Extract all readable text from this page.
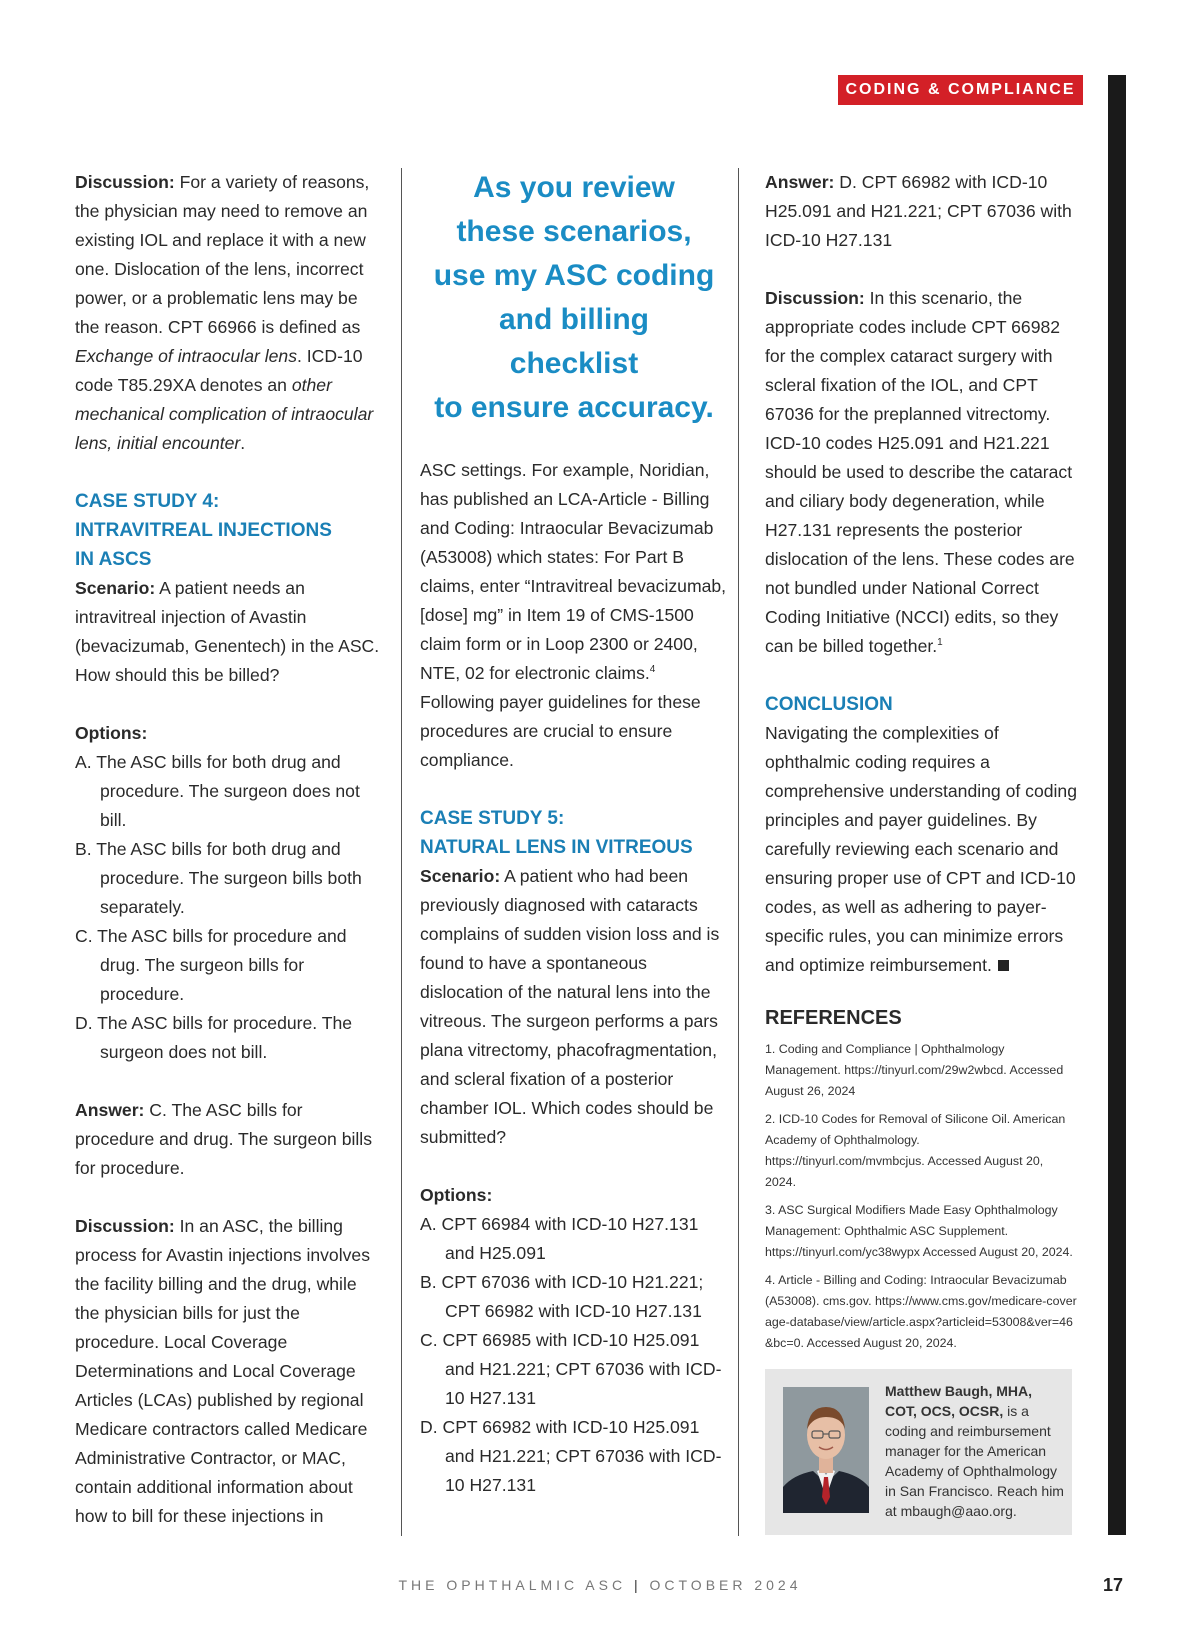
CODING & COMPLIANCE

Discussion: For a variety of reasons, the physician may need to remove an existing IOL and replace it with a new one. Dislocation of the lens, incorrect power, or a problematic lens may be the reason. CPT 66966 is defined as Exchange of intraocular lens. ICD-10 code T85.29XA denotes an other mechanical complication of intraocular lens, initial encounter.

CASE STUDY 4:
INTRAVITREAL INJECTIONS
IN ASCS

Scenario: A patient needs an intravitreal injection of Avastin (bevacizumab, Genentech) in the ASC. How should this be billed?

Options:

A. The ASC bills for both drug and procedure. The surgeon does not bill.

B. The ASC bills for both drug and procedure. The surgeon bills both separately.

C. The ASC bills for procedure and drug. The surgeon bills for procedure.

D. The ASC bills for procedure. The surgeon does not bill.

Answer: C. The ASC bills for procedure and drug. The surgeon bills for procedure.

Discussion: In an ASC, the billing process for Avastin injections involves the facility billing and the drug, while the physician bills for just the procedure. Local Coverage Determinations and Local Coverage Articles (LCAs) published by regional Medicare contractors called Medicare Administrative Contractor, or MAC, contain additional information about how to bill for these injections in

As you review
these scenarios,
use my ASC coding
and billing
checklist
to ensure accuracy.

ASC settings. For example, Noridian, has published an LCA-Article - Billing and Coding: Intraocular Bevacizumab (A53008) which states: For Part B claims, enter “Intravitreal bevacizumab, [dose] mg” in Item 19 of CMS-1500 claim form or in Loop 2300 or 2400, NTE, 02 for electronic claims.$^4$ Following payer guidelines for these procedures are crucial to ensure compliance.

CASE STUDY 5:
NATURAL LENS IN VITREOUS

Scenario: A patient who had been previously diagnosed with cataracts complains of sudden vision loss and is found to have a spontaneous dislocation of the natural lens into the vitreous. The surgeon performs a pars plana vitrectomy, phacofragmentation, and scleral fixation of a posterior chamber IOL. Which codes should be submitted?

Options:

A. CPT 66984 with ICD-10 H27.131 and H25.091

B. CPT 67036 with ICD-10 H21.221; CPT 66982 with ICD-10 H27.131

C. CPT 66985 with ICD-10 H25.091 and H21.221; CPT 67036 with ICD-10 H27.131

D. CPT 66982 with ICD-10 H25.091 and H21.221; CPT 67036 with ICD-10 H27.131

Answer: D. CPT 66982 with ICD-10 H25.091 and H21.221; CPT 67036 with ICD-10 H27.131

Discussion: In this scenario, the appropriate codes include CPT 66982 for the complex cataract surgery with scleral fixation of the IOL, and CPT 67036 for the preplanned vitrectomy. ICD-10 codes H25.091 and H21.221 should be used to describe the cataract and ciliary body degeneration, while H27.131 represents the posterior dislocation of the lens. These codes are not bundled under National Correct Coding Initiative (NCCI) edits, so they can be billed together.$^1$

CONCLUSION

Navigating the complexities of ophthalmic coding requires a comprehensive understanding of coding principles and payer guidelines. By carefully reviewing each scenario and ensuring proper use of CPT and ICD-10 codes, as well as adhering to payer-specific rules, you can minimize errors and optimize reimbursement.

REFERENCES
1. Coding and Compliance | Ophthalmology Management. https://tinyurl.com/29w2wbcd. Accessed August 26, 2024
2. ICD-10 Codes for Removal of Silicone Oil. American Academy of Ophthalmology. https://tinyurl.com/mvmbcjus. Accessed August 20, 2024.
3. ASC Surgical Modifiers Made Easy Ophthalmology Management: Ophthalmic ASC Supplement. https://tinyurl.com/yc38wypx Accessed August 20, 2024.
4. Article - Billing and Coding: Intraocular Bevacizumab (A53008). cms.gov. https://www.cms.gov/medicare-coverage-database/view/article.aspx?articleid=53008&ver=46&bc=0. Accessed August 20, 2024.
Matthew Baugh, MHA, COT, OCS, OCSR, is a coding and reimbursement manager for the American Academy of Ophthalmology in San Francisco. Reach him at mbaugh@aao.org.
THE OPHTHALMIC ASC | OCTOBER 2024	17
